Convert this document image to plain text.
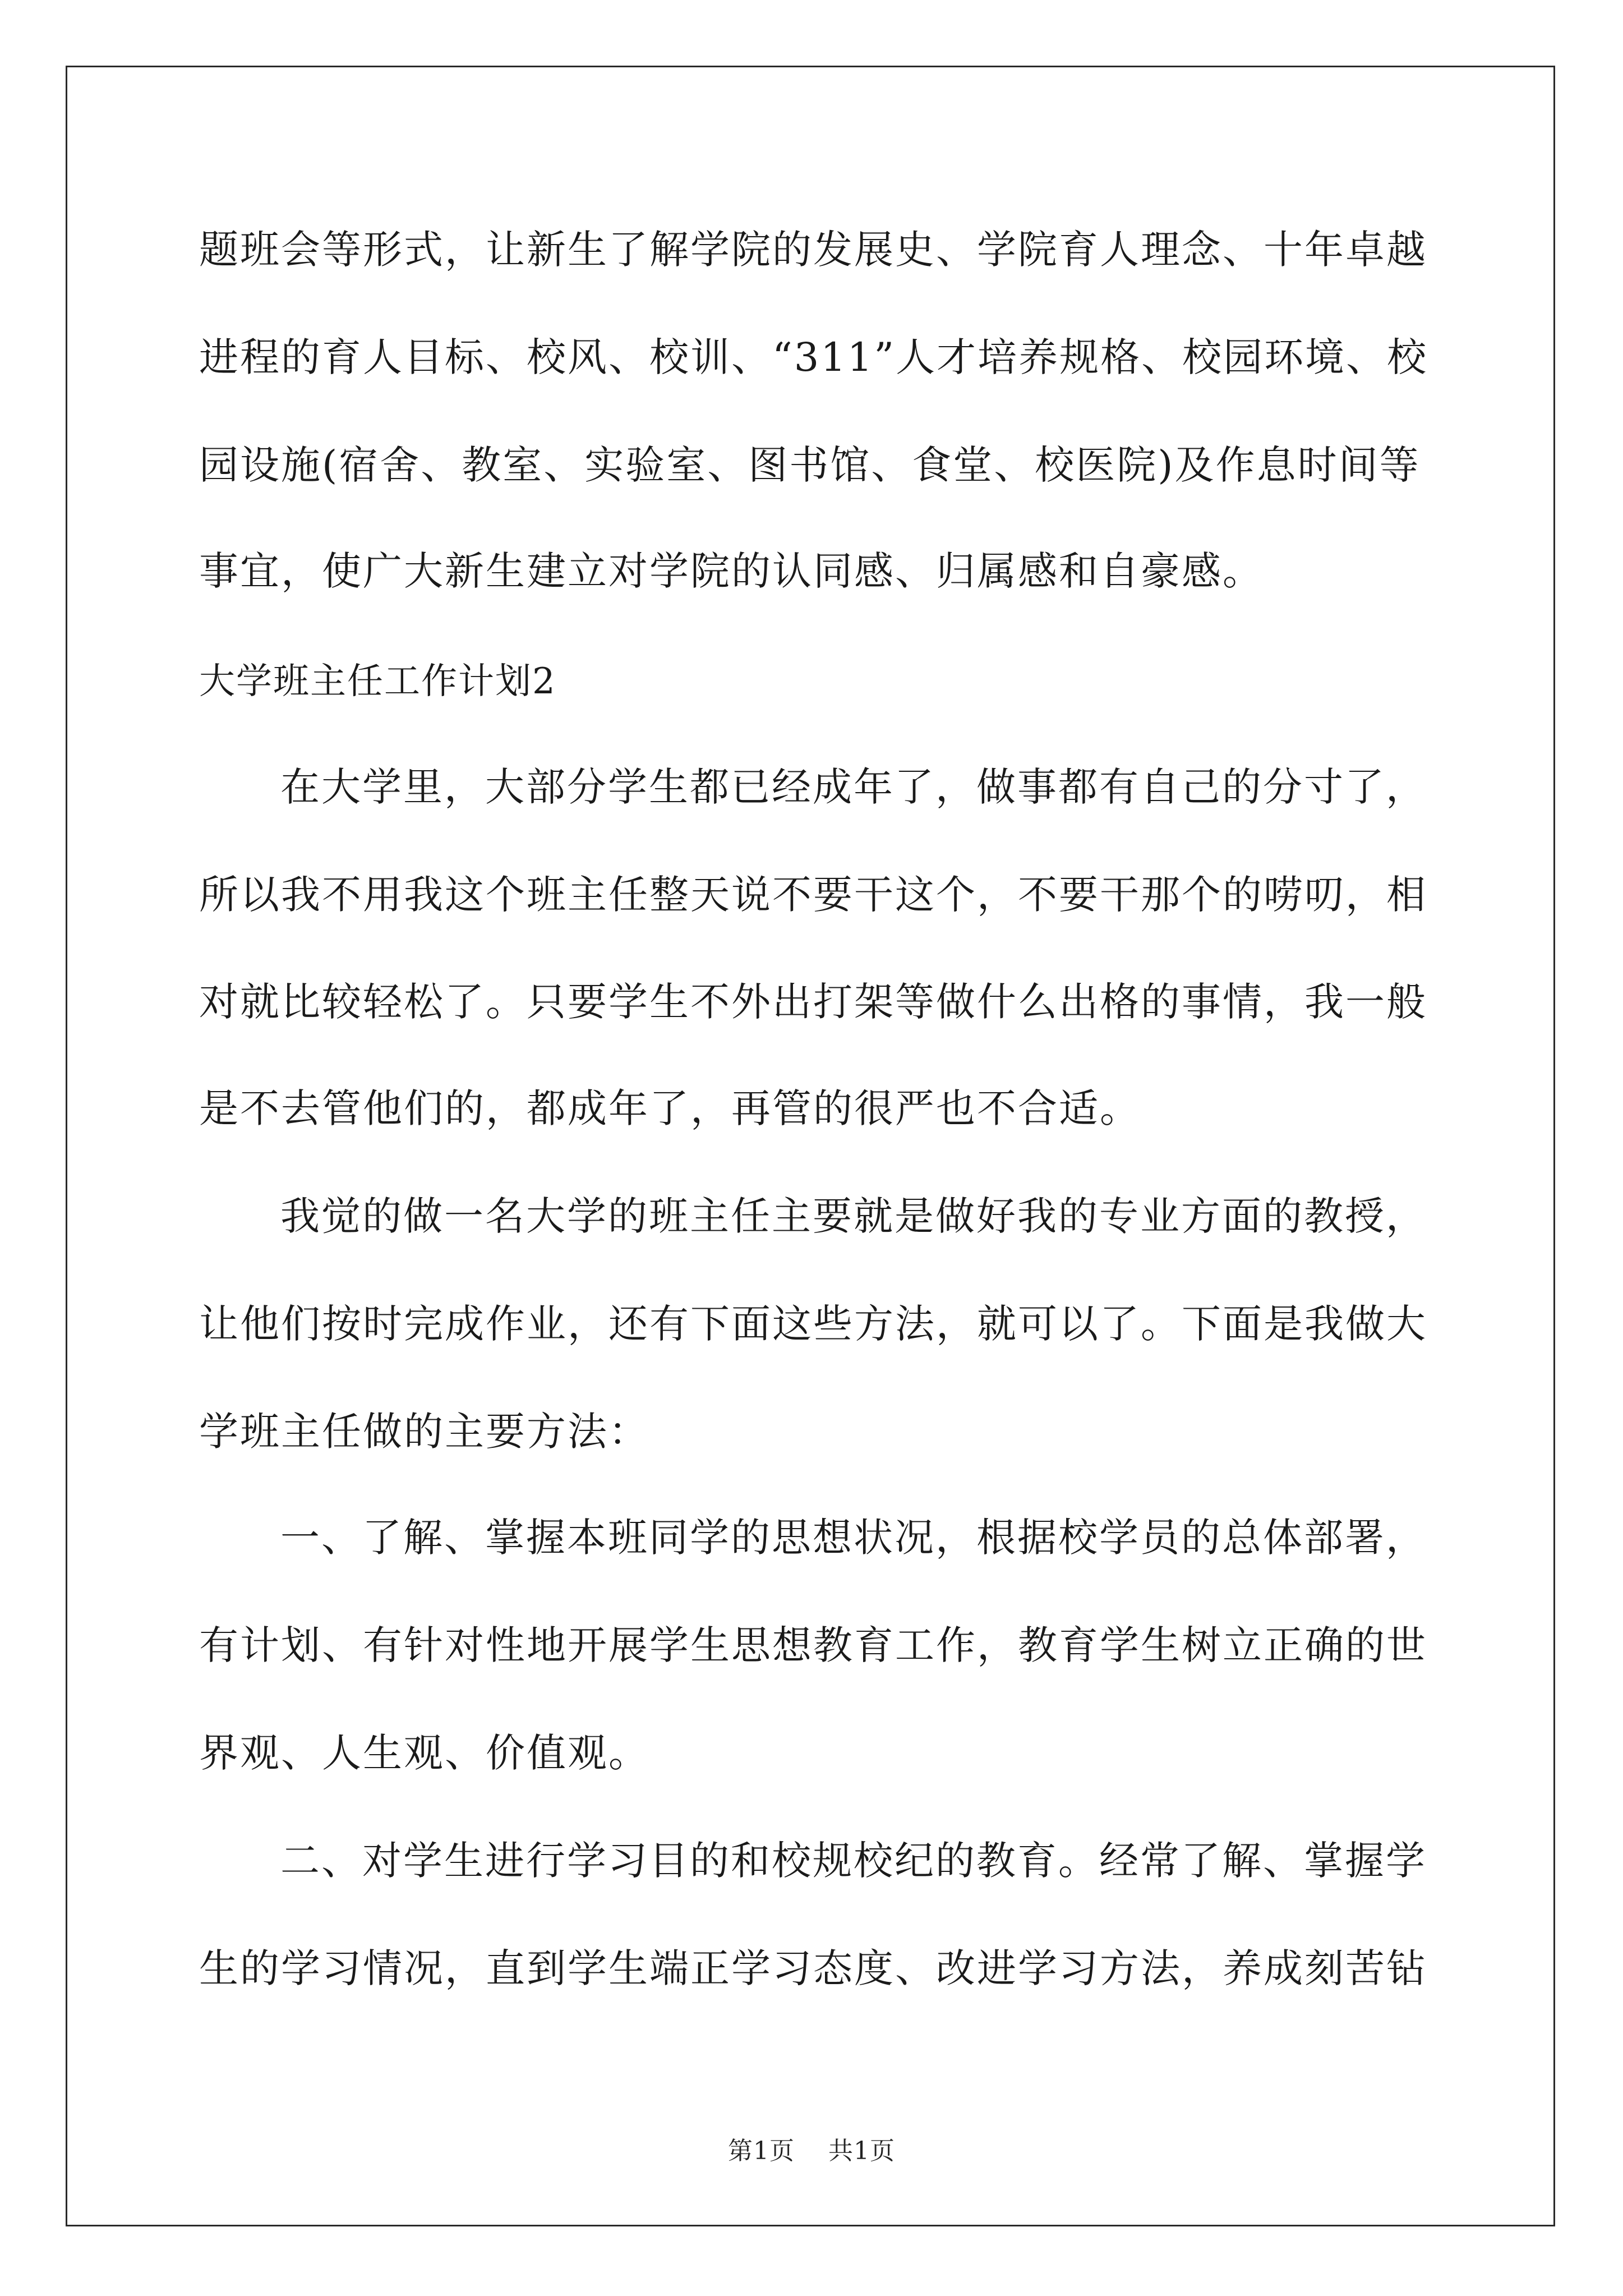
题班会等形式，让新生了解学院的发展史、学院育人理念、十年卓越
进程的育人目标、校风、校训、“311”人才培养规格、校园环境、校
园设施(宿舍、教室、实验室、图书馆、食堂、校医院)及作息时间等
事宜，使广大新生建立对学院的认同感、归属感和自豪感。
大学班主任工作计划2
在大学里，大部分学生都已经成年了，做事都有自己的分寸了，
所以我不用我这个班主任整天说不要干这个，不要干那个的唠叨，相
对就比较轻松了。只要学生不外出打架等做什么出格的事情，我一般
是不去管他们的，都成年了，再管的很严也不合适。
我觉的做一名大学的班主任主要就是做好我的专业方面的教授，
让他们按时完成作业，还有下面这些方法，就可以了。下面是我做大
学班主任做的主要方法：
一、了解、掌握本班同学的思想状况，根据校学员的总体部署，
有计划、有针对性地开展学生思想教育工作，教育学生树立正确的世
界观、人生观、价值观。
二、对学生进行学习目的和校规校纪的教育。经常了解、掌握学
生的学习情况，直到学生端正学习态度、改进学习方法，养成刻苦钻
第1页 共1页
